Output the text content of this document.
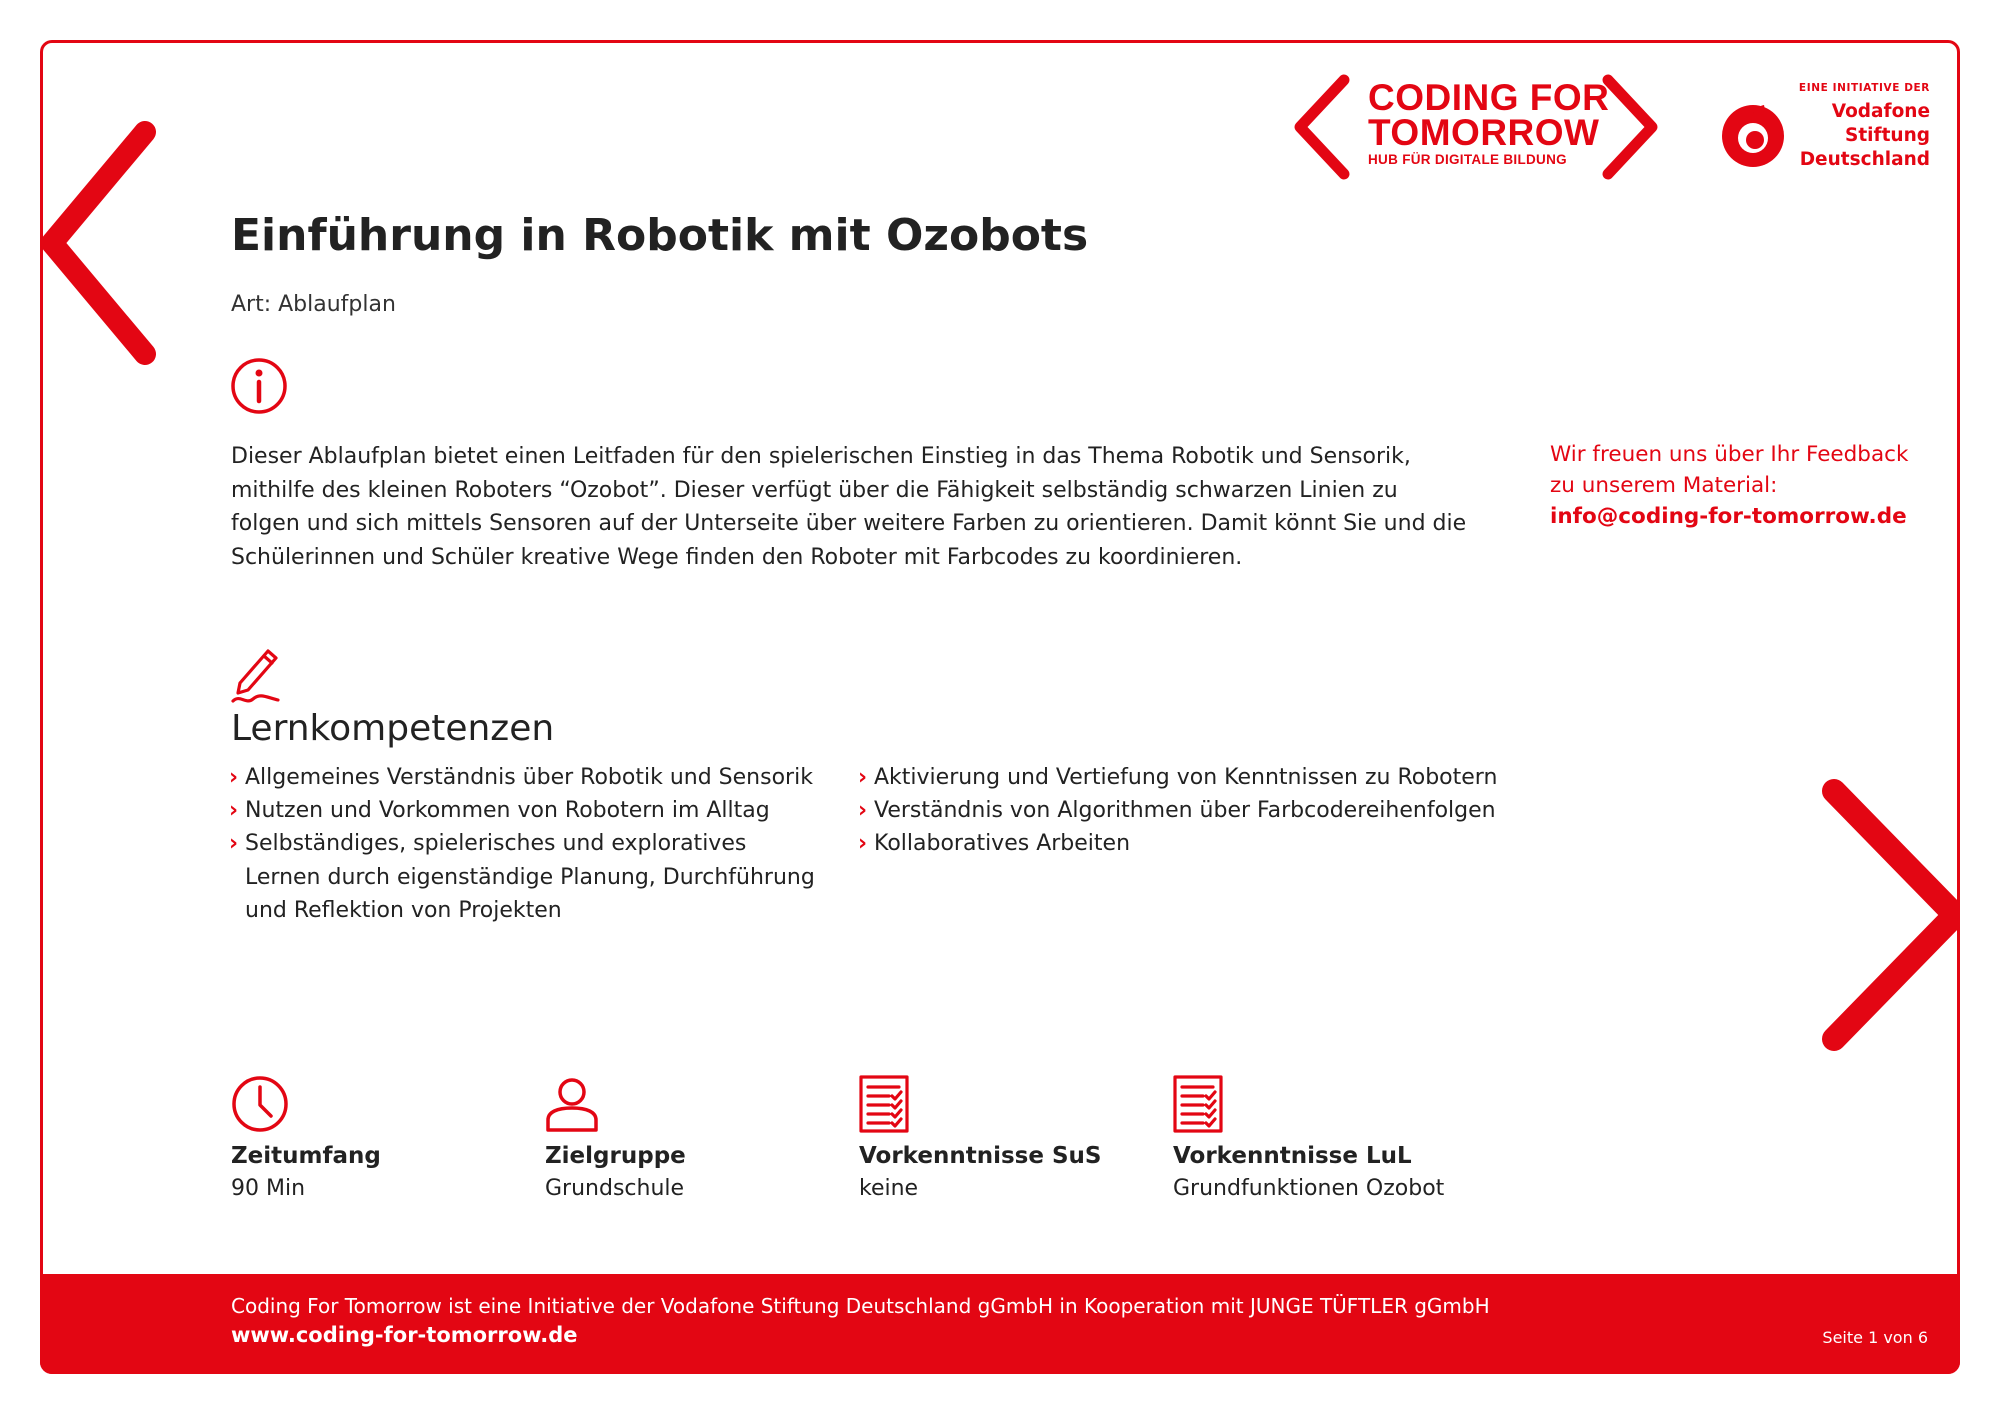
CODING FOR
TOMORROW
HUB FÜR DIGITALE BILDUNG
EINE INITIATIVE DER
Vodafone
Stiftung
Deutschland
Einführung in Robotik mit Ozobots
Art: Ablaufplan

Dieser Ablaufplan bietet einen Leitfaden für den spielerischen Einstieg in das Thema Robotik und Sensorik, mithilfe des kleinen Roboters “Ozobot”. Dieser verfügt über die Fähigkeit selbständig schwarzen Linien zu folgen und sich mittels Sensoren auf der Unterseite über weitere Farben zu orientieren. Damit könnt Sie und die Schülerinnen und Schüler kreative Wege finden den Roboter mit Farbcodes zu koordinieren.

Wir freuen uns über Ihr Feedback
zu unserem Material:
info@coding-for-tomorrow.de
Lernkompetenzen
› Allgemeines Verständnis über Robotik und Sensorik
› Nutzen und Vorkommen von Robotern im Alltag
› Selbständiges, spielerisches und exploratives Lernen durch eigenständige Planung, Durchführung und Reflektion von Projekten
› Aktivierung und Vertiefung von Kenntnissen zu Robotern
› Verständnis von Algorithmen über Farbcodereihenfolgen
› Kollaboratives Arbeiten
Zeitumfang
90 Min
Zielgruppe
Grundschule
Vorkenntnisse SuS
keine
Vorkenntnisse LuL
Grundfunktionen Ozobot
Coding For Tomorrow ist eine Initiative der Vodafone Stiftung Deutschland gGmbH in Kooperation mit JUNGE TÜFTLER gGmbH
www.coding-for-tomorrow.de	Seite 1 von 6
